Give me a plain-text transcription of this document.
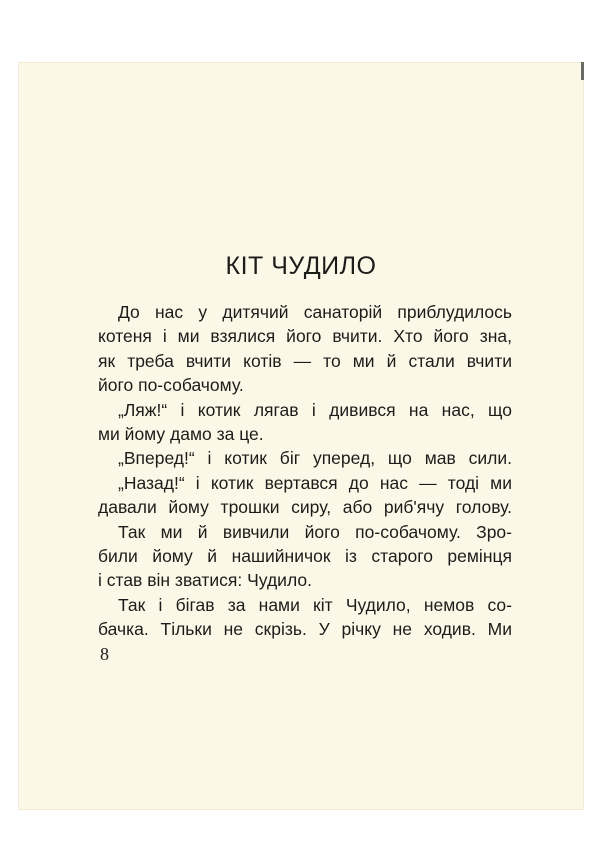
КІТ ЧУДИЛО
До нас у дитячий санаторій приблудилось
котеня і ми взялися його вчити. Хто його зна,
як треба вчити котів — то ми й стали вчити
його по-собачому.
„Ляж!“ і котик лягав і дивився на нас, що
ми йому дамо за це.
„Вперед!“ і котик біг уперед, що мав сили.
„Назад!“ і котик вертався до нас — тоді ми
давали йому трошки сиру, або риб'ячу голову.
Так ми й вивчили його по-собачому. Зро-
били йому й нашийничок із старого ремінця
і став він зватися: Чудило.
Так і бігав за нами кіт Чудило, немов со-
бачка. Тільки не скрізь. У річку не ходив. Ми
8
